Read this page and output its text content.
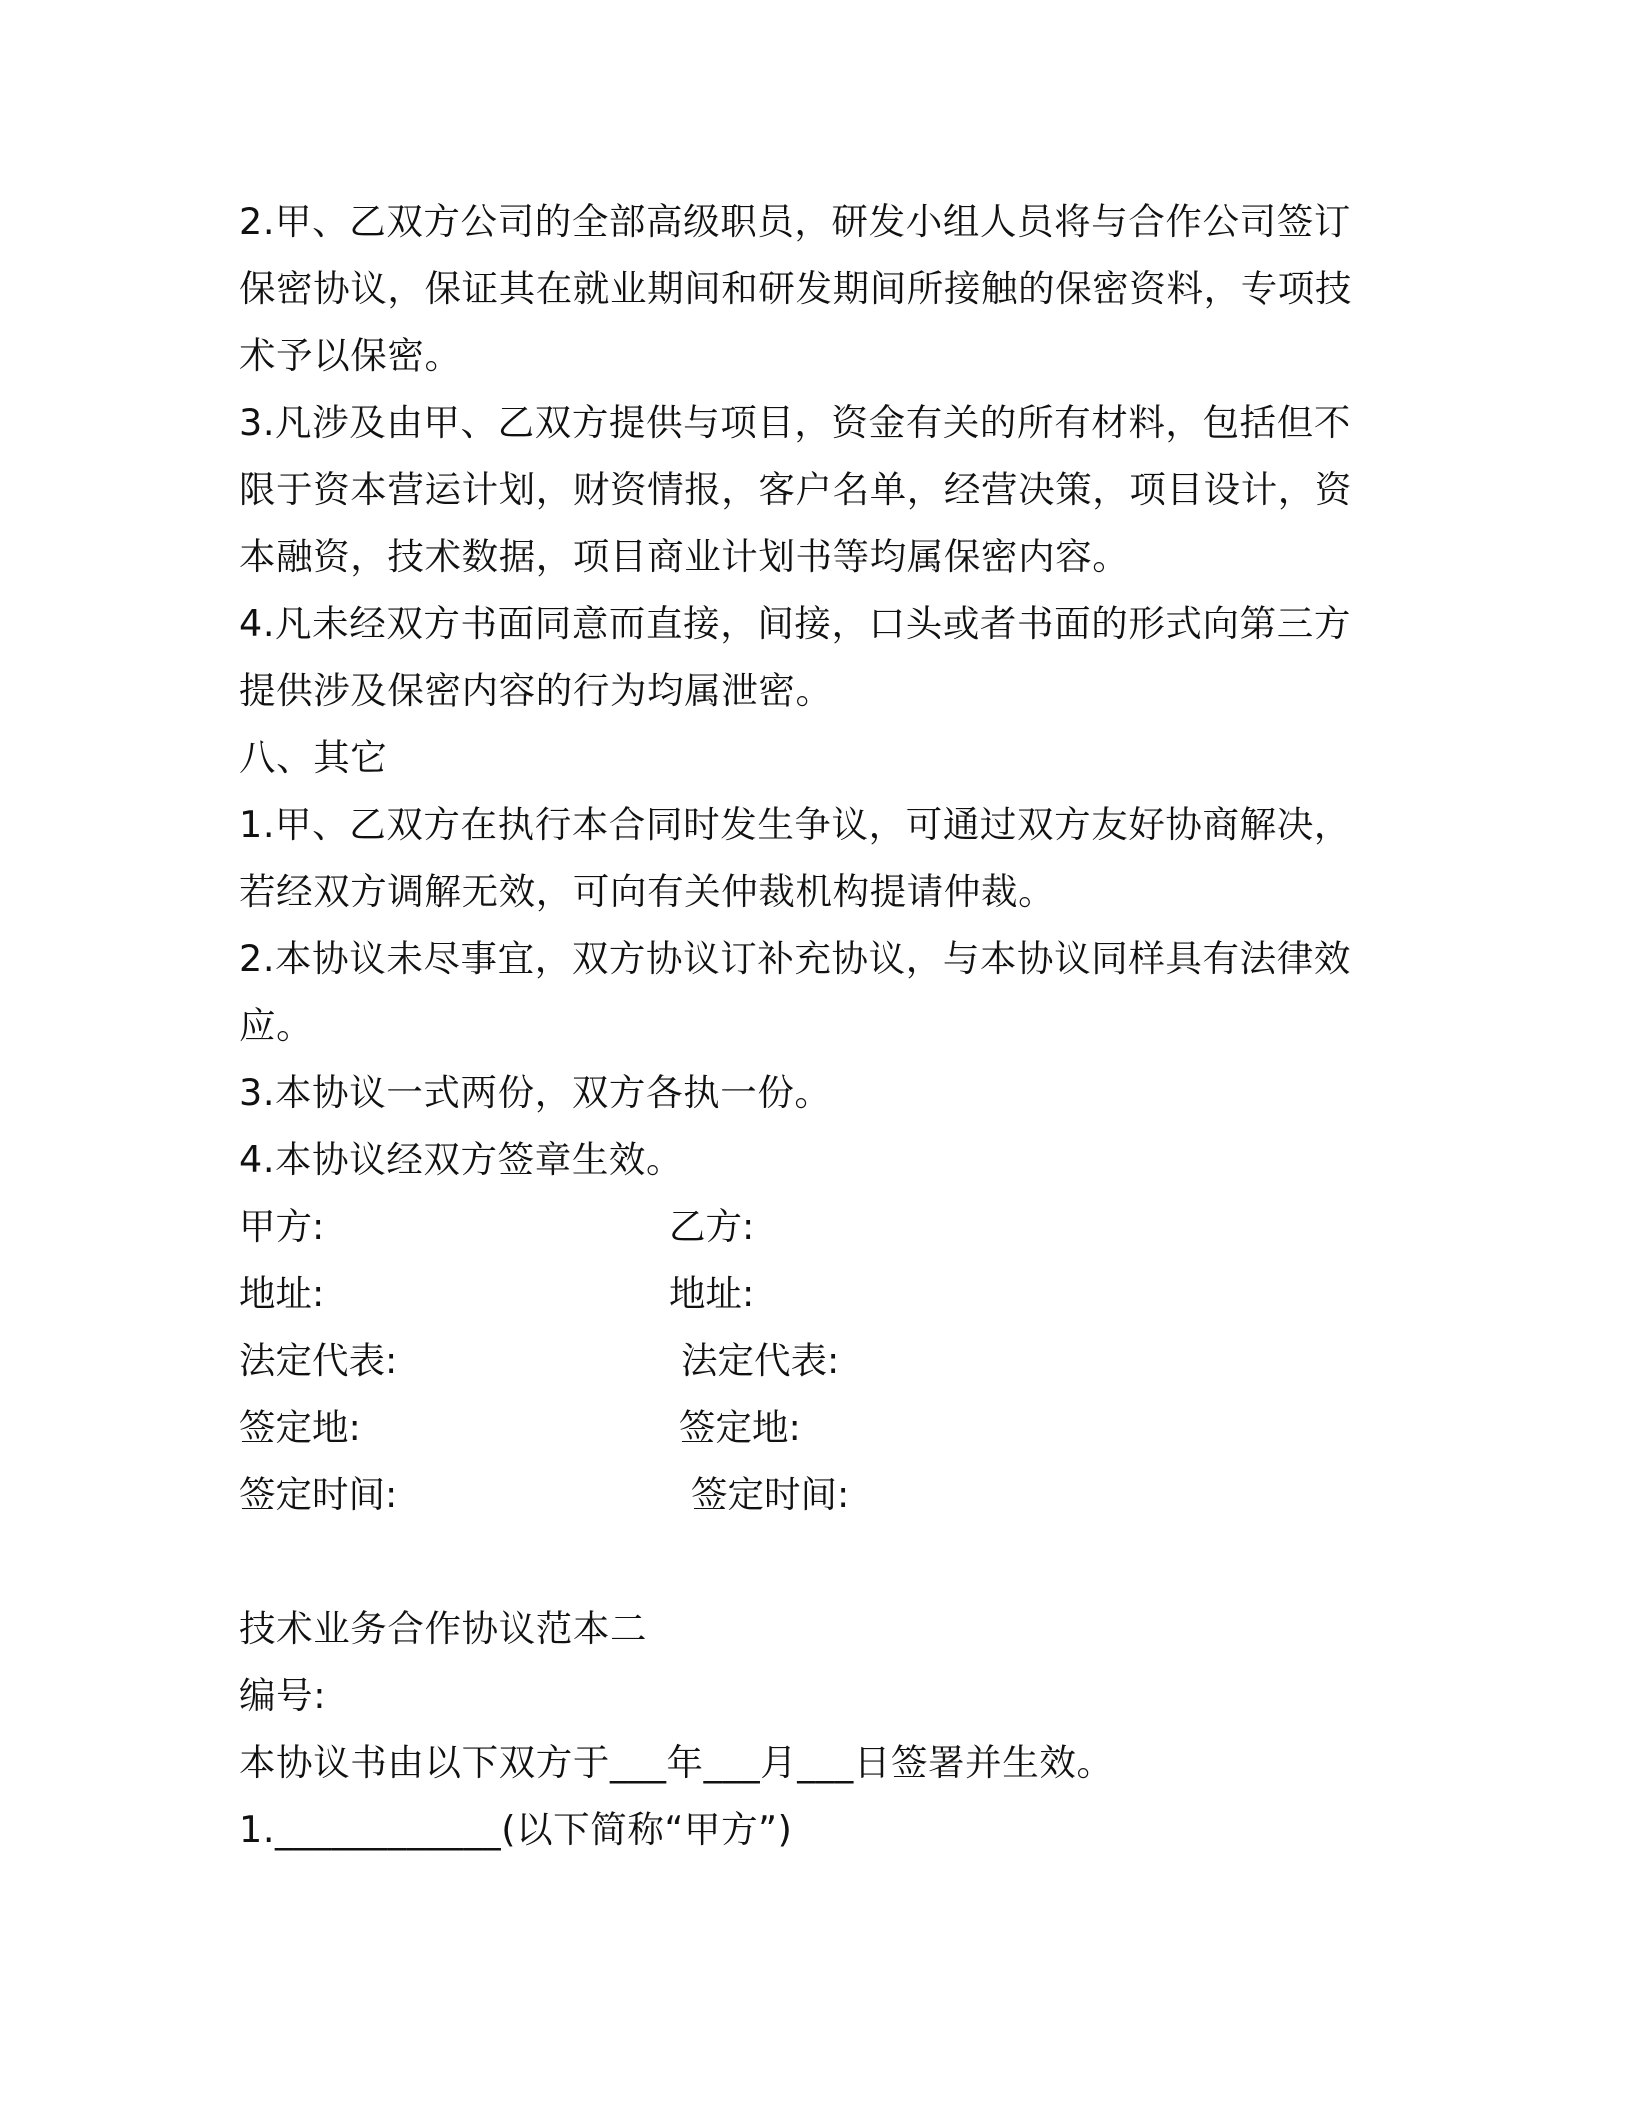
2.甲、乙双方公司的全部高级职员，研发小组人员将与合作公司签订
保密协议，保证其在就业期间和研发期间所接触的保密资料，专项技
术予以保密。
3.凡涉及由甲、乙双方提供与项目，资金有关的所有材料，包括但不
限于资本营运计划，财资情报，客户名单，经营决策，项目设计，资
本融资，技术数据，项目商业计划书等均属保密内容。
4.凡未经双方书面同意而直接，间接，口头或者书面的形式向第三方
提供涉及保密内容的行为均属泄密。
八、其它
1.甲、乙双方在执行本合同时发生争议，可通过双方友好协商解决，
若经双方调解无效，可向有关仲裁机构提请仲裁。
2.本协议未尽事宜，双方协议订补充协议，与本协议同样具有法律效
应。
3.本协议一式两份，双方各执一份。
4.本协议经双方签章生效。
甲方:	乙方:
地址:	地址:
法定代表:	法定代表:
签定地:	签定地:
签定时间:	签定时间:
技术业务合作协议范本二
编号:
本协议书由以下双方于___年___月___日签署并生效。
1.____________(以下简称“甲方”)
